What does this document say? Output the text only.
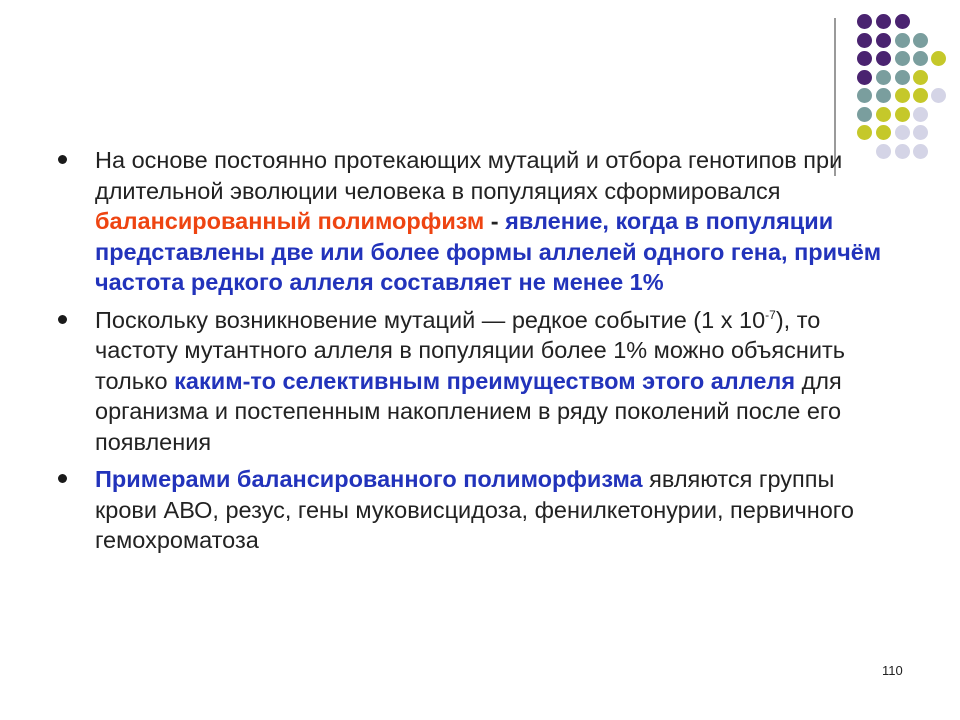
На основе постоянно протекающих мутаций и отбора генотипов при длительной эволюции человека в популяциях сформировался балансированный полиморфизм - явление, когда в популяции представлены две или более формы аллелей одного гена, причём частота редкого аллеля составляет не менее 1%
Поскольку возникновение мутаций — редкое событие (1 х $10^{-7}$), то частоту мутантного аллеля в популяции более 1% можно объяснить только каким-то селективным преимуществом этого аллеля для организма и постепенным накоплением в ряду поколений после его появления
Примерами балансированного полиморфизма являются группы крови АВО, резус, гены муковисцидоза, фенилкетонурии, первичного гемохроматоза
110
